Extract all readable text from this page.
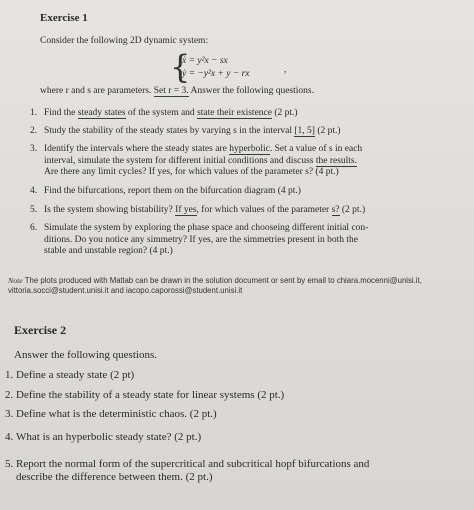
Exercise 1
Consider the following 2D dynamic system:
{
ẋ = y²x − sx
ẏ = −y²x + y − rx	,
where r and s are parameters. Set r = 3. Answer the following questions.
1. Find the steady states of the system and state their existence (2 pt.)
2. Study the stability of the steady states by varying s in the interval [1, 5] (2 pt.)
3. Identify the intervals where the steady states are hyperbolic. Set a value of s in each
interval, simulate the system for different initial conditions and discuss the results.
Are there any limit cycles? If yes, for which values of the parameter s? (4 pt.)
4. Find the bifurcations, report them on the bifurcation diagram (4 pt.)
5. Is the system showing bistability? If yes, for which values of the parameter s? (2 pt.)
6. Simulate the system by exploring the phase space and chooseing different initial con-
ditions. Do you notice any simmetry? If yes, are the simmetries present in both the
stable and unstable region? (4 pt.)
Note The plots produced with Matlab can be drawn in the solution document or sent by email to chiara.mocenni@unisi.it,
vittoria.socci@student.unisi.it and iacopo.caporossi@student.unisi.it
Exercise 2
Answer the following questions.
1. Define a steady state (2 pt)
2. Define the stability of a steady state for linear systems (2 pt.)
3. Define what is the deterministic chaos. (2 pt.)
4. What is an hyperbolic steady state? (2 pt.)
5. Report the normal form of the supercritical and subcritical hopf bifurcations and
describe the difference between them. (2 pt.)
